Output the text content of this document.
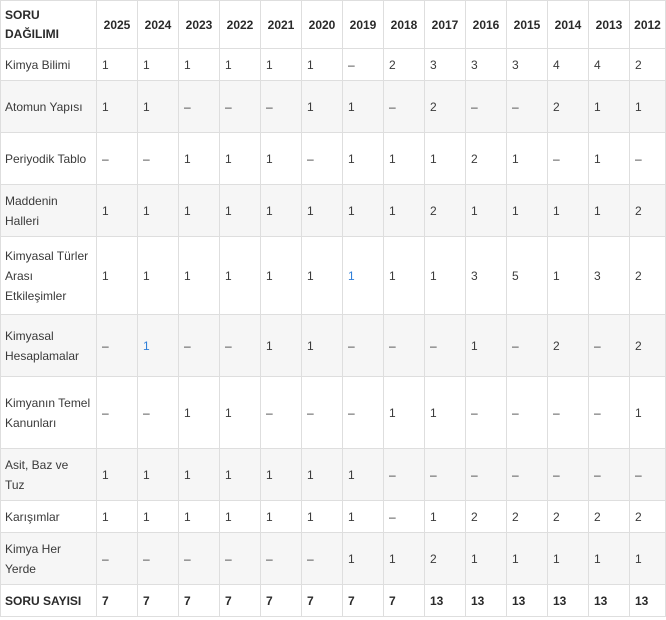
SORU DAĞILIMI	2025	2024	2023	2022	2021	2020	2019	2018	2017	2016	2015	2014	2013	2012
Kimya Bilimi	1	1	1	1	1	1	–	2	3	3	3	4	4	2
Atomun Yapısı	1	1	–	–	–	1	1	–	2	–	–	2	1	1
Periyodik Tablo	–	–	1	1	1	–	1	1	1	2	1	–	1	–
Maddenin Halleri	1	1	1	1	1	1	1	1	2	1	1	1	1	2
Kimyasal Türler Arası Etkileşimler	1	1	1	1	1	1	1	1	1	3	5	1	3	2
Kimyasal Hesaplamalar	–	1	–	–	1	1	–	–	–	1	–	2	–	2
Kimyanın Temel Kanunları	–	–	1	1	–	–	–	1	1	–	–	–	–	1
Asit, Baz ve Tuz	1	1	1	1	1	1	1	–	–	–	–	–	–	–
Karışımlar	1	1	1	1	1	1	1	–	1	2	2	2	2	2
Kimya Her Yerde	–	–	–	–	–	–	1	1	2	1	1	1	1	1
SORU SAYISI	7	7	7	7	7	7	7	7	13	13	13	13	13	13
